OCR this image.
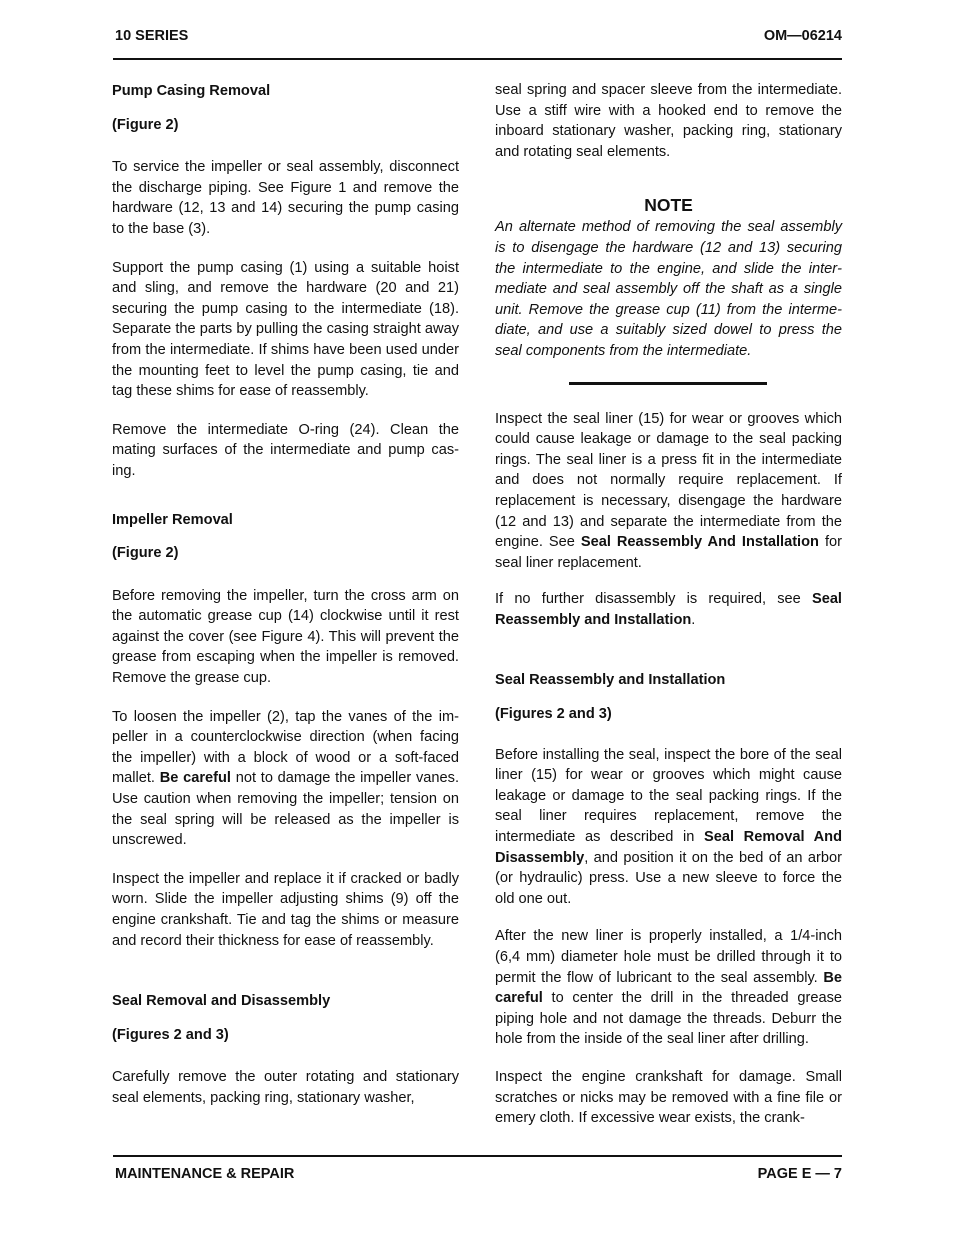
10 SERIES	OM—06214

Pump Casing Removal

(Figure 2)

To service the impeller or seal assembly, disconnect the discharge piping. See Figure 1 and remove the hardware (12, 13 and 14) securing the pump casing to the base (3).

Support the pump casing (1) using a suitable hoist and sling, and remove the hardware (20 and 21) securing the pump casing to the intermediate (18). Separate the parts by pulling the casing straight away from the intermediate. If shims have been used under the mounting feet to level the pump casing, tie and tag these shims for ease of reassembly.

Remove the intermediate O-ring (24). Clean the mating surfaces of the intermediate and pump casing.

Impeller Removal

(Figure 2)

Before removing the impeller, turn the cross arm on the automatic grease cup (14) clockwise until it rest against the cover (see Figure 4). This will prevent the grease from escaping when the impeller is removed. Remove the grease cup.

To loosen the impeller (2), tap the vanes of the impeller in a counterclockwise direction (when facing the impeller) with a block of wood or a soft-faced mallet. Be careful not to damage the impeller vanes. Use caution when removing the impeller; tension on the seal spring will be released as the impeller is unscrewed.

Inspect the impeller and replace it if cracked or badly worn. Slide the impeller adjusting shims (9) off the engine crankshaft. Tie and tag the shims or measure and record their thickness for ease of reassembly.

Seal Removal and Disassembly

(Figures 2 and 3)

Carefully remove the outer rotating and stationary seal elements, packing ring, stationary washer,

seal spring and spacer sleeve from the intermediate. Use a stiff wire with a hooked end to remove the inboard stationary washer, packing ring, stationary and rotating seal elements.

NOTE

An alternate method of removing the seal assembly is to disengage the hardware (12 and 13) securing the intermediate to the engine, and slide the intermediate and seal assembly off the shaft as a single unit. Remove the grease cup (11) from the intermediate, and use a suitably sized dowel to press the seal components from the intermediate.

Inspect the seal liner (15) for wear or grooves which could cause leakage or damage to the seal packing rings. The seal liner is a press fit in the intermediate and does not normally require replacement. If replacement is necessary, disengage the hardware (12 and 13) and separate the intermediate from the engine. See Seal Reassembly And Installation for seal liner replacement.

If no further disassembly is required, see Seal Reassembly and Installation.

Seal Reassembly and Installation

(Figures 2 and 3)

Before installing the seal, inspect the bore of the seal liner (15) for wear or grooves which might cause leakage or damage to the seal packing rings. If the seal liner requires replacement, remove the intermediate as described in Seal Removal And Disassembly, and position it on the bed of an arbor (or hydraulic) press. Use a new sleeve to force the old one out.

After the new liner is properly installed, a 1/4-inch (6,4 mm) diameter hole must be drilled through it to permit the flow of lubricant to the seal assembly. Be careful to center the drill in the threaded grease piping hole and not damage the threads. Deburr the hole from the inside of the seal liner after drilling.

Inspect the engine crankshaft for damage. Small scratches or nicks may be removed with a fine file or emery cloth. If excessive wear exists, the crank-

MAINTENANCE & REPAIR	PAGE E — 7
